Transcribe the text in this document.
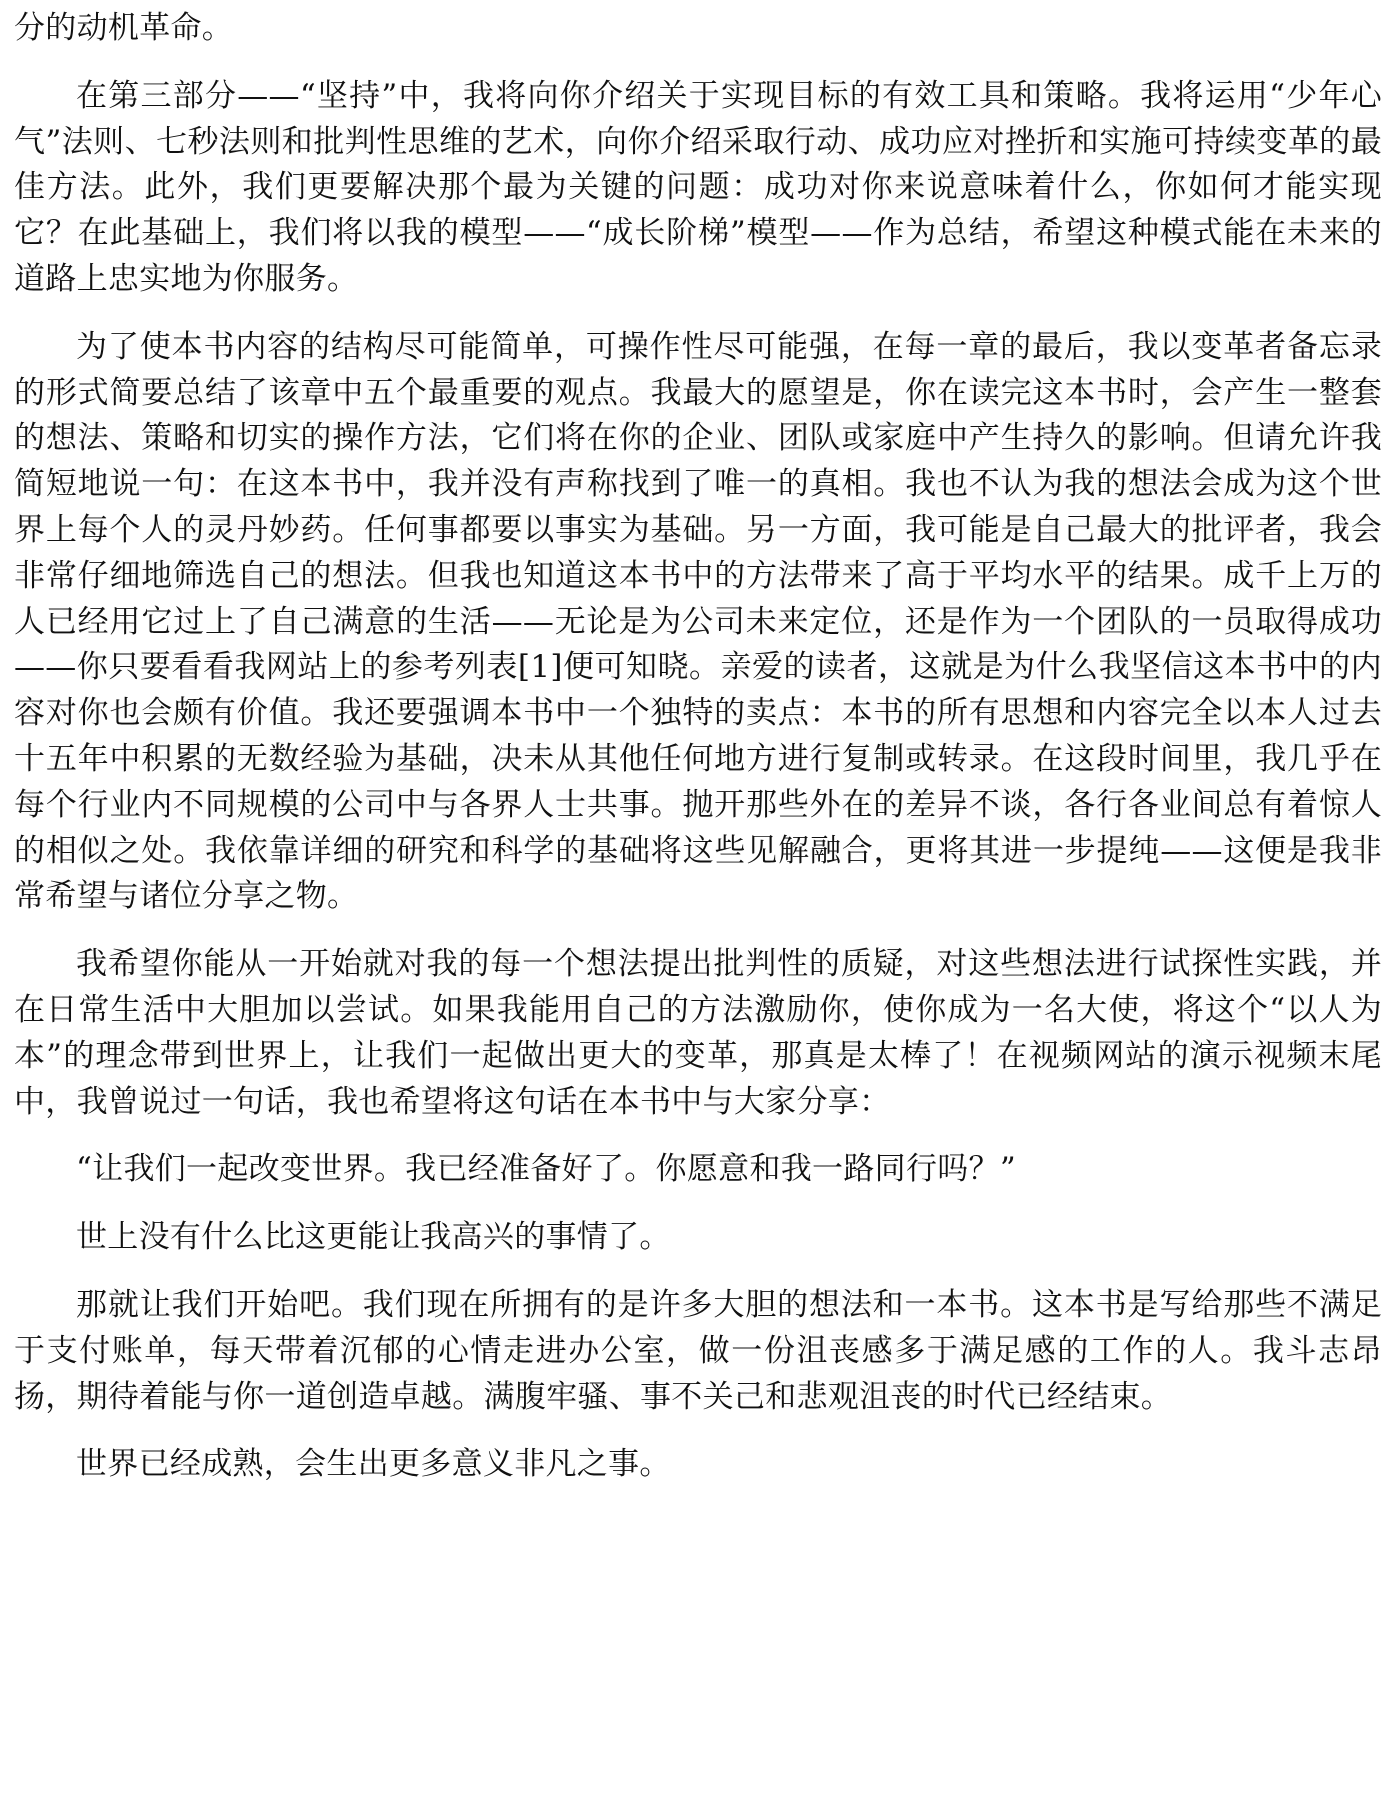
分的动机革命。

在第三部分——“坚持”中，我将向你介绍关于实现目标的有效工具和策略。我将运用“少年心气”法则、七秒法则和批判性思维的艺术，向你介绍采取行动、成功应对挫折和实施可持续变革的最佳方法。此外，我们更要解决那个最为关键的问题：成功对你来说意味着什么，你如何才能实现它？在此基础上，我们将以我的模型——“成长阶梯”模型——作为总结，希望这种模式能在未来的道路上忠实地为你服务。

为了使本书内容的结构尽可能简单，可操作性尽可能强，在每一章的最后，我以变革者备忘录的形式简要总结了该章中五个最重要的观点。我最大的愿望是，你在读完这本书时，会产生一整套的想法、策略和切实的操作方法，它们将在你的企业、团队或家庭中产生持久的影响。但请允许我简短地说一句：在这本书中，我并没有声称找到了唯一的真相。我也不认为我的想法会成为这个世界上每个人的灵丹妙药。任何事都要以事实为基础。另一方面，我可能是自己最大的批评者，我会非常仔细地筛选自己的想法。但我也知道这本书中的方法带来了高于平均水平的结果。成千上万的人已经用它过上了自己满意的生活——无论是为公司未来定位，还是作为一个团队的一员取得成功——你只要看看我网站上的参考列表[1]便可知晓。亲爱的读者，这就是为什么我坚信这本书中的内容对你也会颇有价值。我还要强调本书中一个独特的卖点：本书的所有思想和内容完全以本人过去十五年中积累的无数经验为基础，决未从其他任何地方进行复制或转录。在这段时间里，我几乎在每个行业内不同规模的公司中与各界人士共事。抛开那些外在的差异不谈，各行各业间总有着惊人的相似之处。我依靠详细的研究和科学的基础将这些见解融合，更将其进一步提纯——这便是我非常希望与诸位分享之物。

我希望你能从一开始就对我的每一个想法提出批判性的质疑，对这些想法进行试探性实践，并在日常生活中大胆加以尝试。如果我能用自己的方法激励你，使你成为一名大使，将这个“以人为本”的理念带到世界上，让我们一起做出更大的变革，那真是太棒了！在视频网站的演示视频末尾中，我曾说过一句话，我也希望将这句话在本书中与大家分享：

“让我们一起改变世界。我已经准备好了。你愿意和我一路同行吗？”

世上没有什么比这更能让我高兴的事情了。

那就让我们开始吧。我们现在所拥有的是许多大胆的想法和一本书。这本书是写给那些不满足于支付账单，每天带着沉郁的心情走进办公室，做一份沮丧感多于满足感的工作的人。我斗志昂扬，期待着能与你一道创造卓越。满腹牢骚、事不关己和悲观沮丧的时代已经结束。

世界已经成熟，会生出更多意义非凡之事。
